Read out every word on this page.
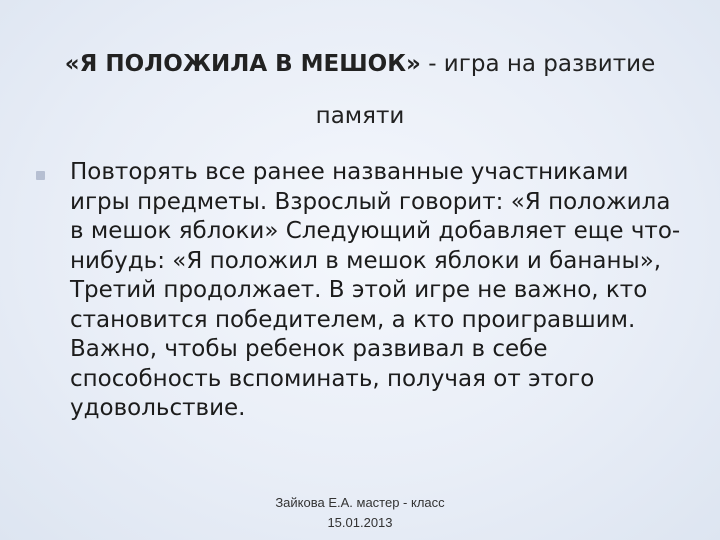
«Я ПОЛОЖИЛА В МЕШОК» - игра на развитие памяти
Повторять все ранее названные участниками игры предметы. Взрослый говорит: «Я положила в мешок яблоки» Следующий добавляет еще что-нибудь: «Я положил в мешок яблоки и бананы», Третий продолжает. В этой игре не важно, кто становится победителем, а кто проигравшим. Важно, чтобы ребенок развивал в себе способность вспоминать, получая от этого удовольствие.
Зайкова Е.А. мастер - класс
15.01.2013
